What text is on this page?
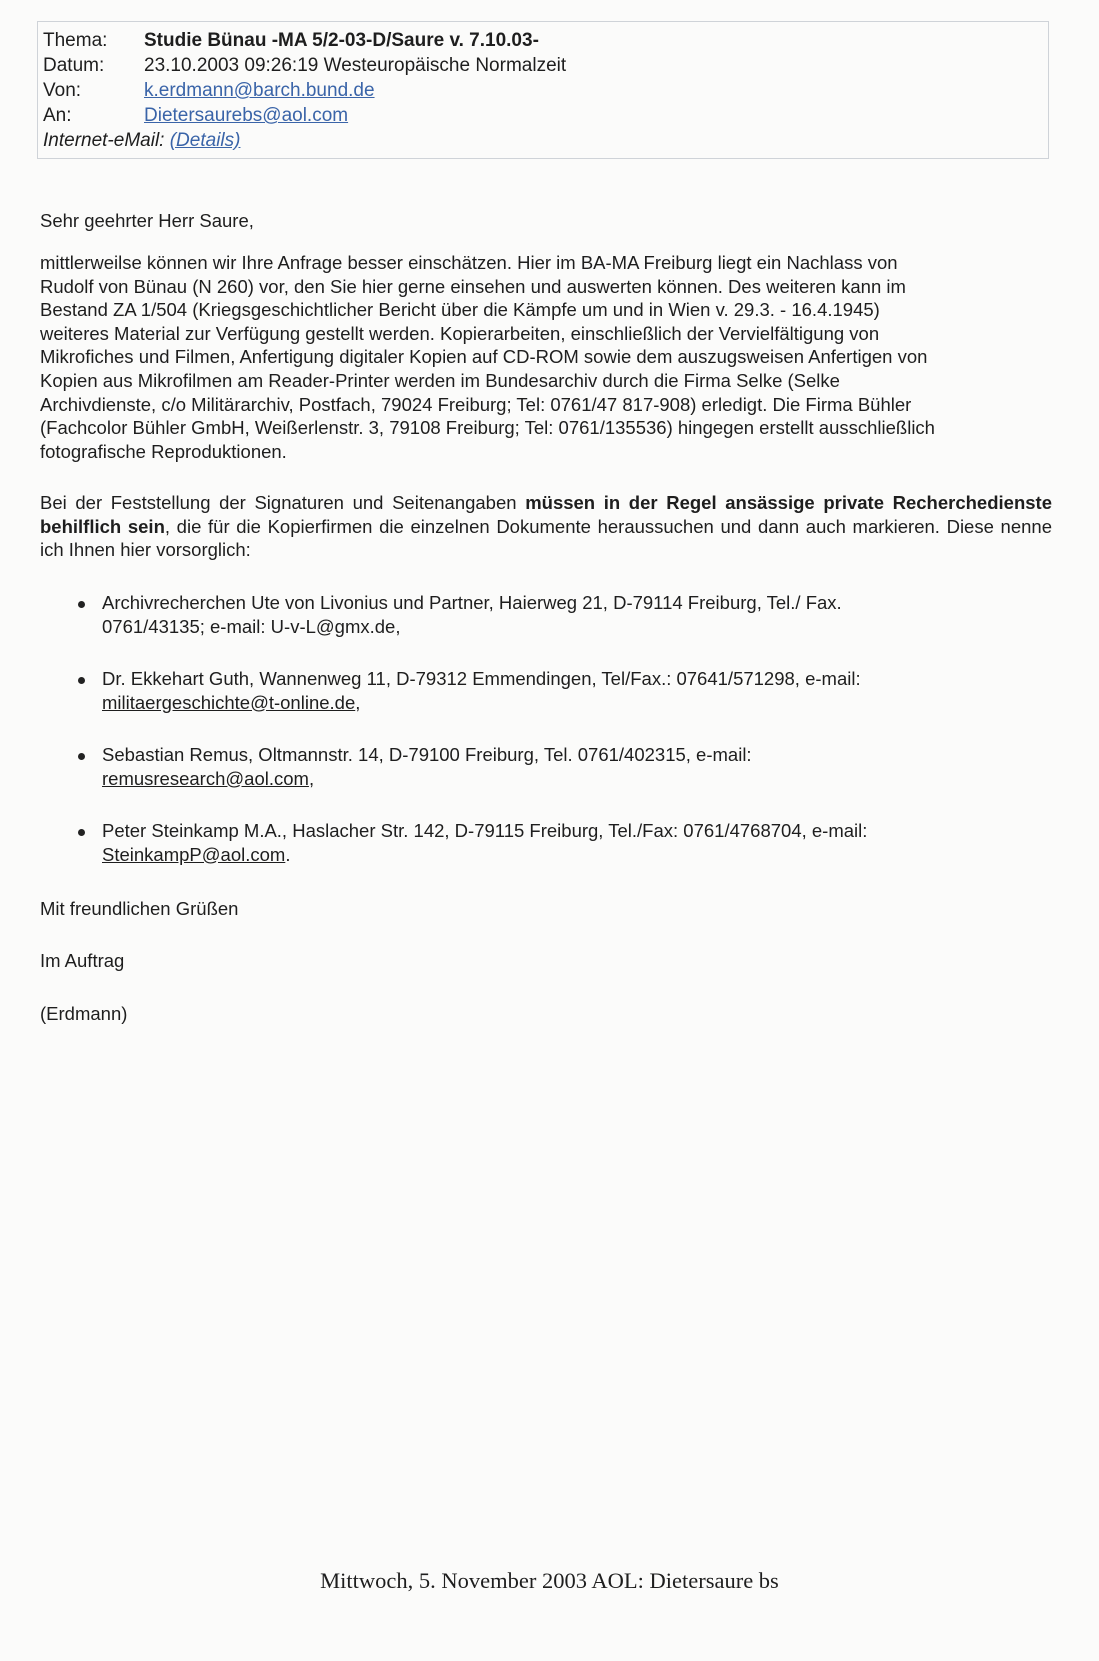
Thema: Studie Bünau -MA 5/2-03-D/Saure v. 7.10.03-
Datum: 23.10.2003 09:26:19 Westeuropäische Normalzeit
Von:	k.erdmann@barch.bund.de
An:	Dietersaurebs@aol.com
Internet-eMail: (Details)
Sehr geehrter Herr Saure,
mittlerweilse können wir Ihre Anfrage besser einschätzen. Hier im BA-MA Freiburg liegt ein Nachlass von
Rudolf von Bünau (N 260) vor, den Sie hier gerne einsehen und auswerten können. Des weiteren kann im
Bestand ZA 1/504 (Kriegsgeschichtlicher Bericht über die Kämpfe um und in Wien v. 29.3. - 16.4.1945)
weiteres Material zur Verfügung gestellt werden. Kopierarbeiten, einschließlich der Vervielfältigung von
Mikrofiches und Filmen, Anfertigung digitaler Kopien auf CD-ROM sowie dem auszugsweisen Anfertigen von
Kopien aus Mikrofilmen am Reader-Printer werden im Bundesarchiv durch die Firma Selke (Selke
Archivdienste, c/o Militärarchiv, Postfach, 79024 Freiburg; Tel: 0761/47 817-908) erledigt. Die Firma Bühler
(Fachcolor Bühler GmbH, Weißerlenstr. 3, 79108 Freiburg; Tel: 0761/135536) hingegen erstellt ausschließlich
fotografische Reproduktionen.
Bei der Feststellung der Signaturen und Seitenangaben müssen in der Regel ansässige private Recherchedienste behilflich sein, die für die Kopierfirmen die einzelnen Dokumente heraussuchen und dann auch markieren. Diese nenne ich Ihnen hier vorsorglich:
Archivrecherchen Ute von Livonius und Partner, Haierweg 21, D-79114 Freiburg, Tel./ Fax.
0761/43135; e-mail: U-v-L@gmx.de,
Dr. Ekkehart Guth, Wannenweg 11, D-79312 Emmendingen, Tel/Fax.: 07641/571298, e-mail:
militaergeschichte@t-online.de,
Sebastian Remus, Oltmannstr. 14, D-79100 Freiburg, Tel. 0761/402315, e-mail:
remusresearch@aol.com,
Peter Steinkamp M.A., Haslacher Str. 142, D-79115 Freiburg, Tel./Fax: 0761/4768704, e-mail:
SteinkampP@aol.com.
Mit freundlichen Grüßen
Im Auftrag
(Erdmann)
Mittwoch, 5. November 2003 AOL: Dietersaure bs
